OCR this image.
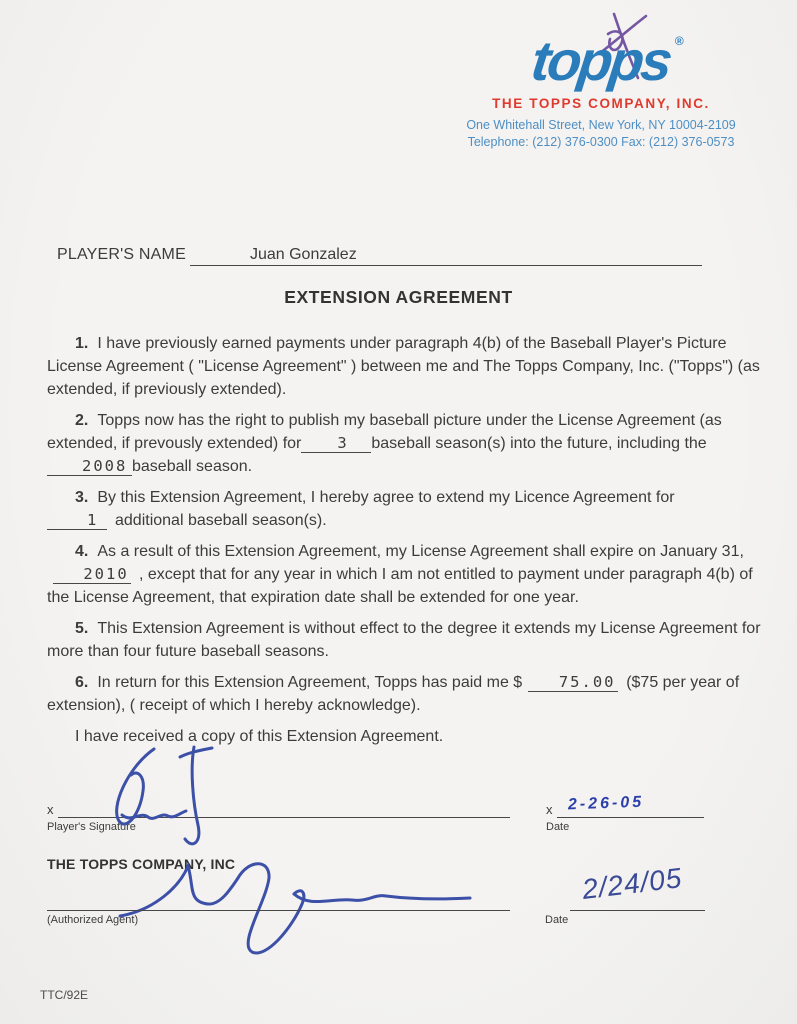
topps ®
THE TOPPS COMPANY, INC.
One Whitehall Street, New York, NY 10004-2109
Telephone: (212) 376-0300 Fax: (212) 376-0573
PLAYER'S NAME	Juan Gonzalez
EXTENSION AGREEMENT

1. I have previously earned payments under paragraph 4(b) of the Baseball Player's Picture License Agreement ( "License Agreement" ) between me and The Topps Company, Inc. ("Topps") (as extended, if previously extended).

2. Topps now has the right to publish my baseball picture under the License Agreement (as extended, if prevously extended) for 3 baseball season(s) into the future, including the2008 baseball season.

3. By this Extension Agreement, I hereby agree to extend my Licence Agreement for
1 additional baseball season(s).

4. As a result of this Extension Agreement, my License Agreement shall expire on January 31,2010 , except that for any year in which I am not entitled to payment under paragraph 4(b) of the License Agreement, that expiration date shall be extended for one year.

5. This Extension Agreement is without effect to the degree it extends my License Agreement for more than four future baseball seasons.

6. In return for this Extension Agreement, Topps has paid me $ 75.00 ($75 per year of extension), ( receipt of which I hereby acknowledge).

I have received a copy of this Extension Agreement.

x
Player's Signature
x 2-26-05
Date
THE TOPPS COMPANY, INC
(Authorized Agent)
2/24/05
Date
TTC/92E
